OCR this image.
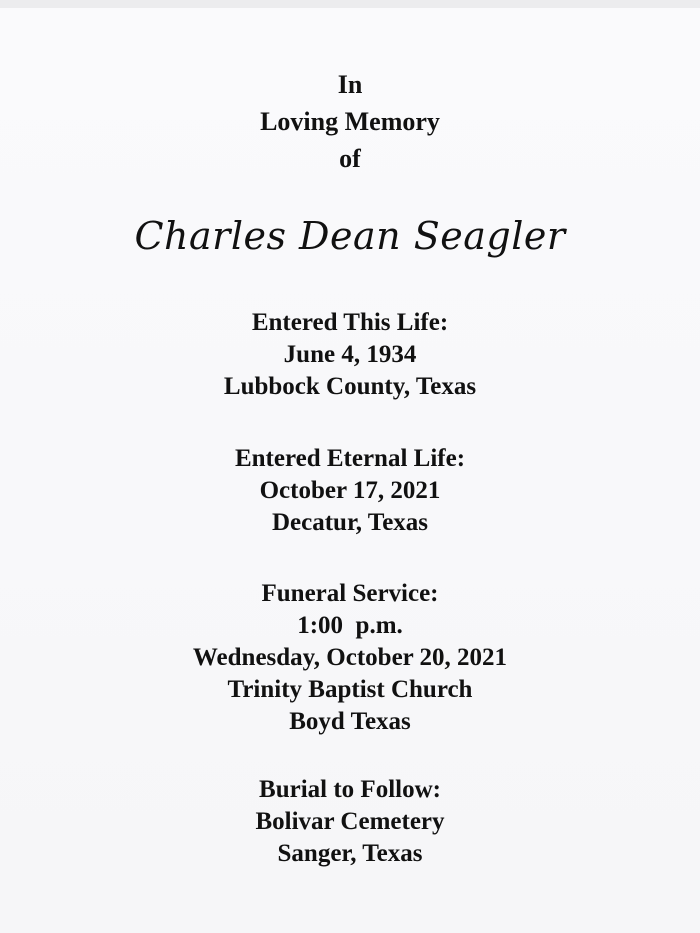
In
Loving Memory
of
Charles Dean Seagler
Entered This Life:
June 4, 1934
Lubbock County, Texas
Entered Eternal Life:
October 17, 2021
Decatur, Texas
Funeral Service:
1:00  p.m.
Wednesday, October 20, 2021
Trinity Baptist Church
Boyd Texas
Burial to Follow:
Bolivar Cemetery
Sanger, Texas
